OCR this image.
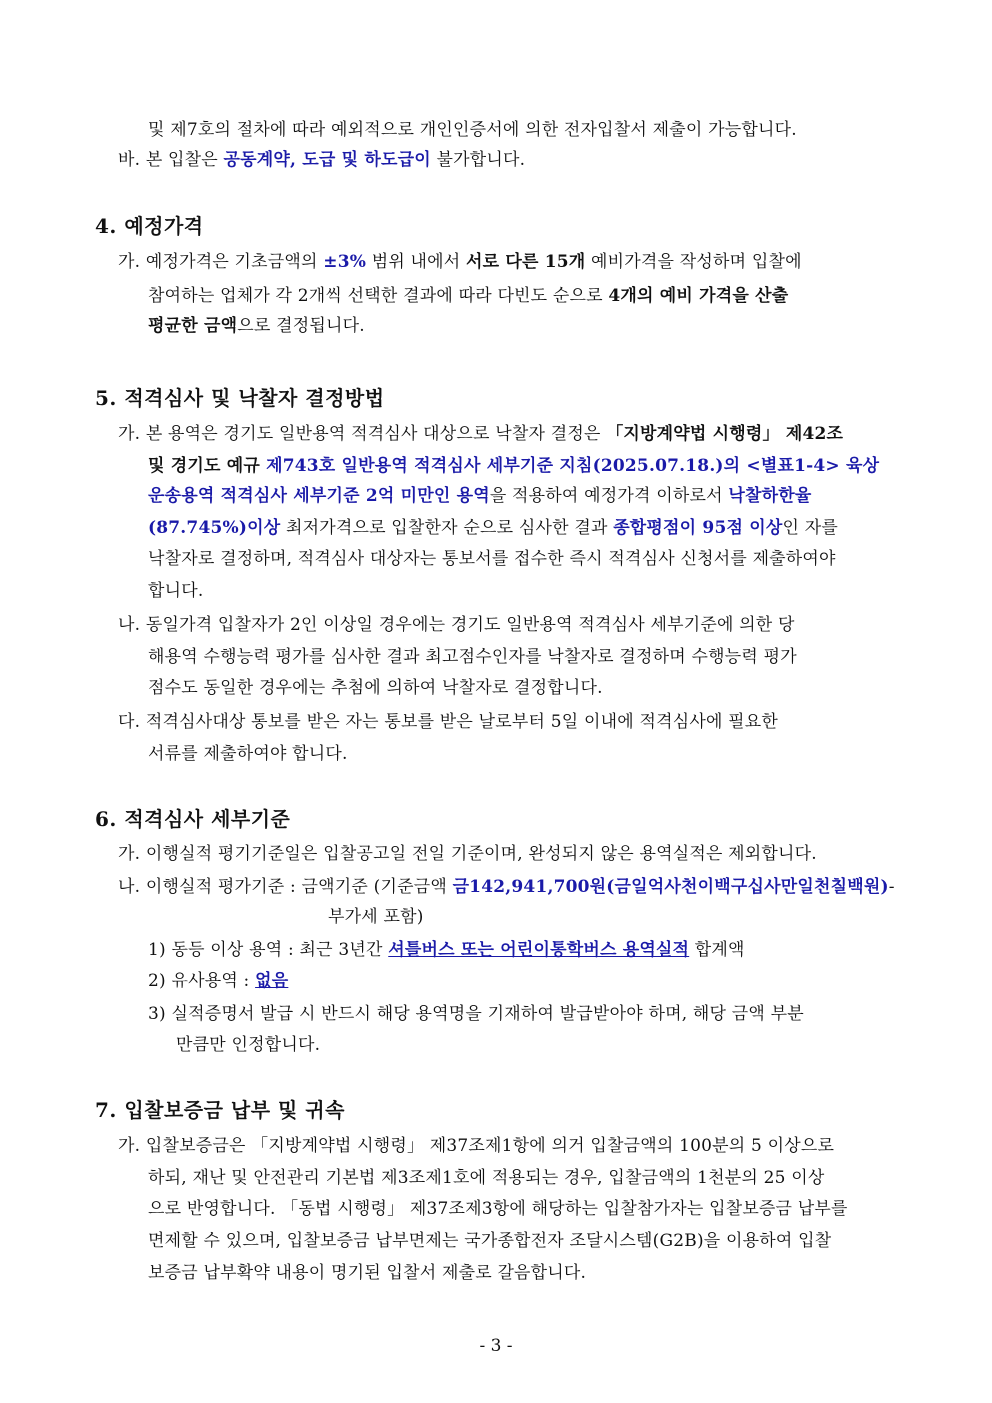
및 제7호의 절차에 따라 예외적으로 개인인증서에 의한 전자입찰서 제출이 가능합니다.
바. 본 입찰은 공동계약, 도급 및 하도급이 불가합니다.
4. 예정가격
가. 예정가격은 기초금액의 ±3% 범위 내에서 서로 다른 15개 예비가격을 작성하며 입찰에
참여하는 업체가 각 2개씩 선택한 결과에 따라 다빈도 순으로 4개의 예비 가격을 산출
평균한 금액으로 결정됩니다.
5. 적격심사 및 낙찰자 결정방법
가. 본 용역은 경기도 일반용역 적격심사 대상으로 낙찰자 결정은 「지방계약법 시행령」 제42조
및 경기도 예규 제743호 일반용역 적격심사 세부기준 지침(2025.07.18.)의 <별표1-4> 육상
운송용역 적격심사 세부기준 2억 미만인 용역을 적용하여 예정가격 이하로서 낙찰하한율
(87.745%)이상 최저가격으로 입찰한자 순으로 심사한 결과 종합평점이 95점 이상인 자를
낙찰자로 결정하며, 적격심사 대상자는 통보서를 접수한 즉시 적격심사 신청서를 제출하여야
합니다.
나. 동일가격 입찰자가 2인 이상일 경우에는 경기도 일반용역 적격심사 세부기준에 의한 당
해용역 수행능력 평가를 심사한 결과 최고점수인자를 낙찰자로 결정하며 수행능력 평가
점수도 동일한 경우에는 추첨에 의하여 낙찰자로 결정합니다.
다. 적격심사대상 통보를 받은 자는 통보를 받은 날로부터 5일 이내에 적격심사에 필요한
서류를 제출하여야 합니다.
6. 적격심사 세부기준
가. 이행실적 평기기준일은 입찰공고일 전일 기준이며, 완성되지 않은 용역실적은 제외합니다.
나. 이행실적 평가기준 : 금액기준 (기준금액 금142,941,700원(금일억사천이백구십사만일천칠백원)-
부가세 포함)
1) 동등 이상 용역 : 최근 3년간 셔틀버스 또는 어린이통학버스 용역실적 합계액
2) 유사용역 : 없음
3) 실적증명서 발급 시 반드시 해당 용역명을 기재하여 발급받아야 하며, 해당 금액 부분
만큼만 인정합니다.
7. 입찰보증금 납부 및 귀속
가. 입찰보증금은 「지방계약법 시행령」 제37조제1항에 의거 입찰금액의 100분의 5 이상으로
하되, 재난 및 안전관리 기본법 제3조제1호에 적용되는 경우, 입찰금액의 1천분의 25 이상
으로 반영합니다. 「동법 시행령」 제37조제3항에 해당하는 입찰참가자는 입찰보증금 납부를
면제할 수 있으며, 입찰보증금 납부면제는 국가종합전자 조달시스템(G2B)을 이용하여 입찰
보증금 납부확약 내용이 명기된 입찰서 제출로 갈음합니다.
- 3 -
